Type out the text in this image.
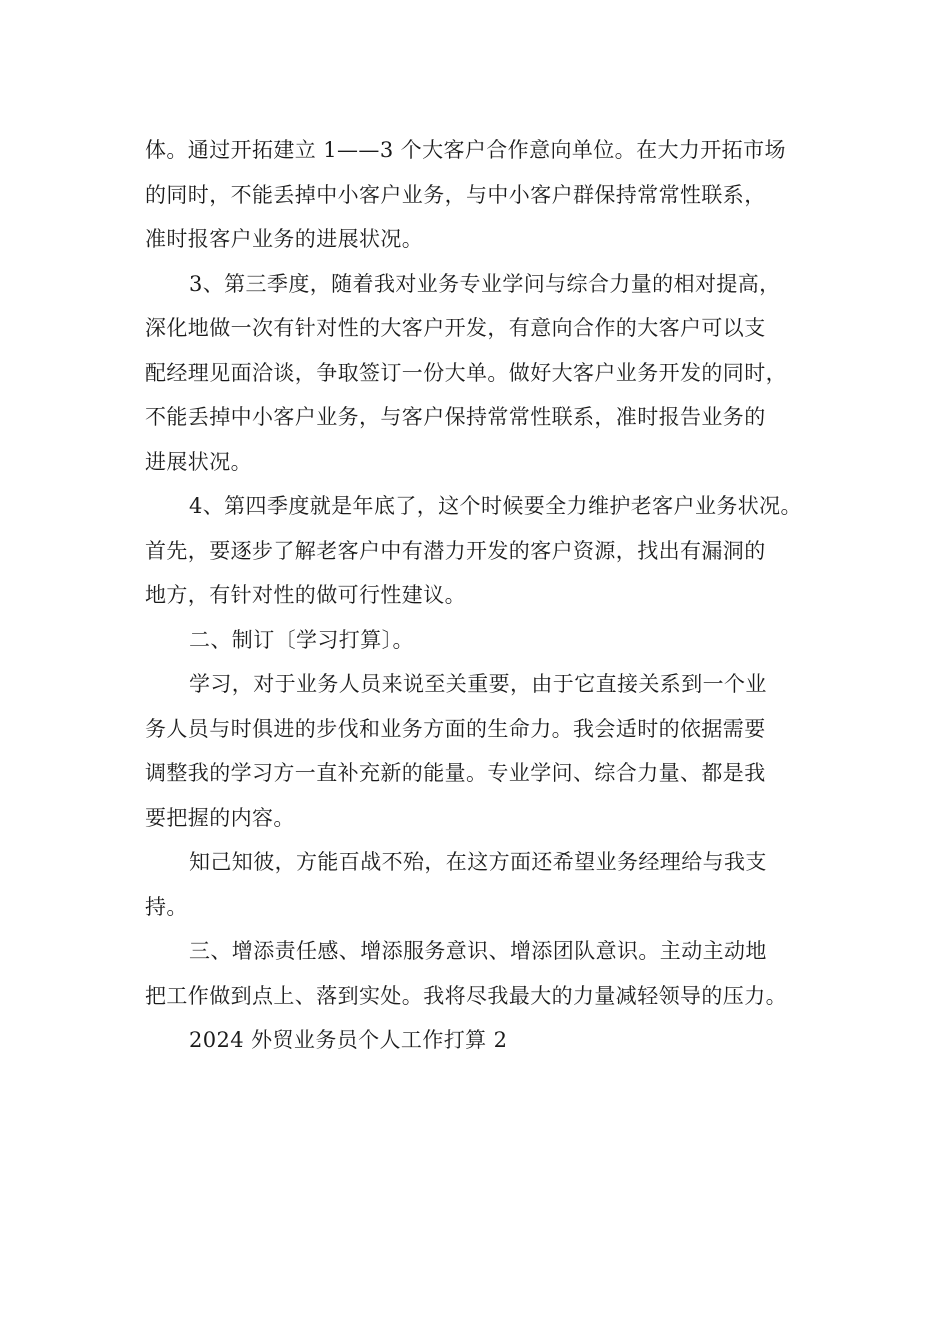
体。通过开拓建立 1——3 个大客户合作意向单位。在大力开拓市场
的同时，不能丢掉中小客户业务，与中小客户群保持常常性联系，
准时报客户业务的进展状况。

3、第三季度，随着我对业务专业学问与综合力量的相对提高，
深化地做一次有针对性的大客户开发，有意向合作的大客户可以支
配经理见面洽谈，争取签订一份大单。做好大客户业务开发的同时，
不能丢掉中小客户业务，与客户保持常常性联系，准时报告业务的
进展状况。

4、第四季度就是年底了，这个时候要全力维护老客户业务状况。
首先，要逐步了解老客户中有潜力开发的客户资源，找出有漏洞的
地方，有针对性的做可行性建议。

二、制订〔学习打算〕。

学习，对于业务人员来说至关重要，由于它直接关系到一个业
务人员与时俱进的步伐和业务方面的生命力。我会适时的依据需要
调整我的学习方一直补充新的能量。专业学问、综合力量、都是我
要把握的内容。

知己知彼，方能百战不殆，在这方面还希望业务经理给与我支
持。

三、增添责任感、增添服务意识、增添团队意识。主动主动地
把工作做到点上、落到实处。我将尽我最大的力量减轻领导的压力。

2024 外贸业务员个人工作打算 2
